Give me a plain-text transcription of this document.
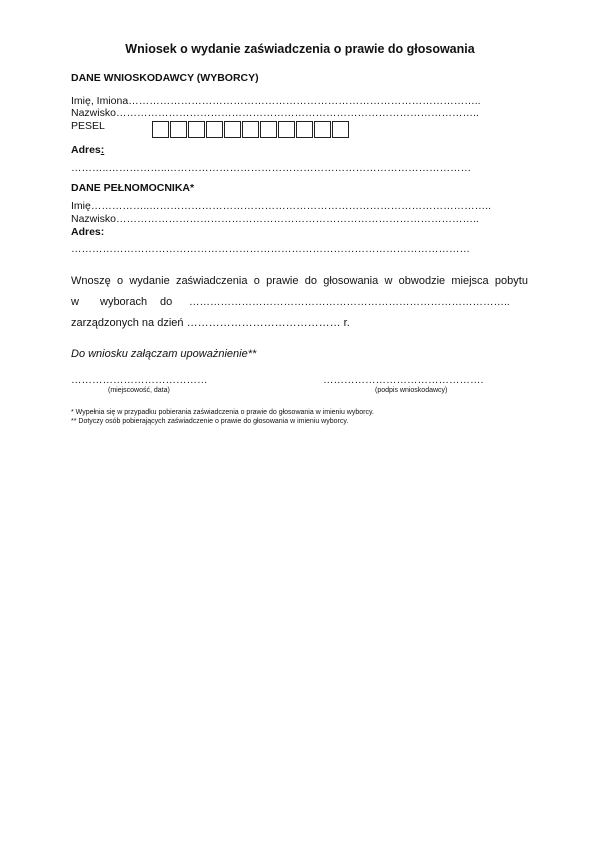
Wniosek o wydanie zaświadczenia o prawie do głosowania
DANE WNIOSKODAWCY (WYBORCY)
Imię, Imiona………………………………………………………………………………………..
Nazwisko…………………………………………………………………………………………..
PESEL
Adres:
………..……………..……………………………………………………………………………
DANE PEŁNOMOCNIKA*
Imię……………..……………………………………………………………………………………..
Nazwisko…………………………………………………………………………………………..
Adres:
……………………………………………………………………………………………………
Wnoszę o wydanie zaświadczenia o prawie do głosowania w obwodzie miejsca pobytu
w wyborach do ………………………………………………………………………………..
zarządzonych na dzień …………………………………… r.
Do wniosku załączam upoważnienie**
…………………………………
(miejscowość, data)
……………………………………….
(podpis wnioskodawcy)
* Wypełnia się w przypadku pobierania zaświadczenia o prawie do głosowania w imieniu wyborcy.
** Dotyczy osób pobierających zaświadczenie o prawie do głosowania w imieniu wyborcy.
